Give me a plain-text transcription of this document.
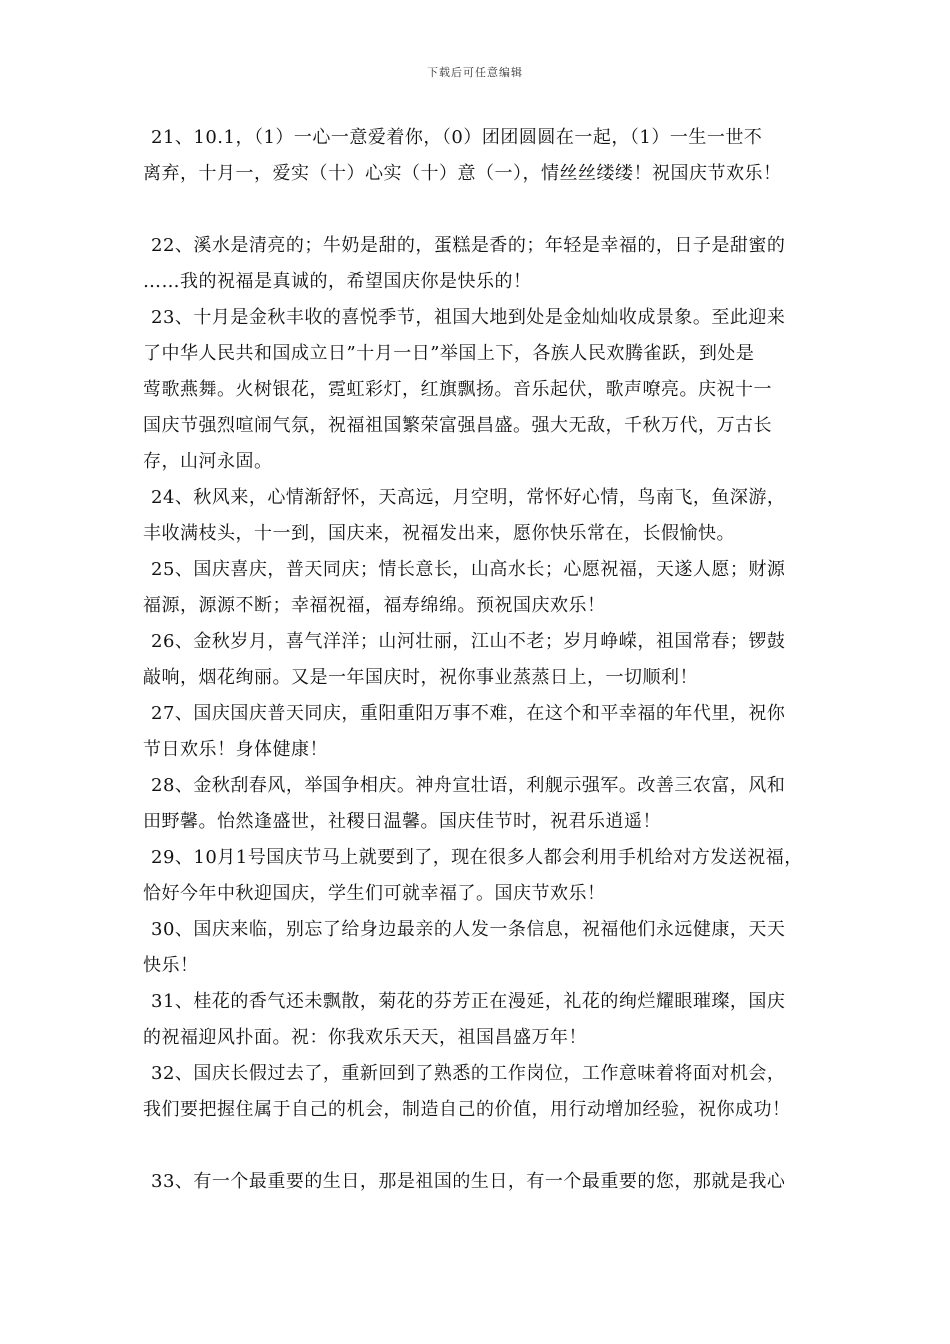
下载后可任意编辑
21、10.1，（1）一心一意爱着你，（0）团团圆圆在一起，（1）一生一世不
离弃，十月一，爱实（十）心实（十）意（一），情丝丝缕缕！祝国庆节欢乐！
22、溪水是清亮的；牛奶是甜的，蛋糕是香的；年轻是幸福的，日子是甜蜜的
……我的祝福是真诚的，希望国庆你是快乐的！
23、十月是金秋丰收的喜悦季节，祖国大地到处是金灿灿收成景象。至此迎来
了中华人民共和国成立日”十月一日”举国上下，各族人民欢腾雀跃，到处是
莺歌燕舞。火树银花，霓虹彩灯，红旗飘扬。音乐起伏，歌声嘹亮。庆祝十一
国庆节强烈喧闹气氛，祝福祖国繁荣富强昌盛。强大无敌，千秋万代，万古长
存，山河永固。
24、秋风来，心情渐舒怀，天高远，月空明，常怀好心情，鸟南飞，鱼深游，
丰收满枝头，十一到，国庆来，祝福发出来，愿你快乐常在，长假愉快。
25、国庆喜庆，普天同庆；情长意长，山高水长；心愿祝福，天遂人愿；财源
福源，源源不断；幸福祝福，福寿绵绵。预祝国庆欢乐！
26、金秋岁月，喜气洋洋；山河壮丽，江山不老；岁月峥嵘，祖国常春；锣鼓
敲响，烟花绚丽。又是一年国庆时，祝你事业蒸蒸日上，一切顺利！
27、国庆国庆普天同庆，重阳重阳万事不难，在这个和平幸福的年代里，祝你
节日欢乐！身体健康！
28、金秋刮春风，举国争相庆。神舟宣壮语，利舰示强军。改善三农富，风和
田野馨。怡然逢盛世，社稷日温馨。国庆佳节时，祝君乐逍遥！
29、10月1号国庆节马上就要到了，现在很多人都会利用手机给对方发送祝福，
恰好今年中秋迎国庆，学生们可就幸福了。国庆节欢乐！
30、国庆来临，别忘了给身边最亲的人发一条信息，祝福他们永远健康，天天
快乐！
31、桂花的香气还未飘散，菊花的芬芳正在漫延，礼花的绚烂耀眼璀璨，国庆
的祝福迎风扑面。祝：你我欢乐天天，祖国昌盛万年！
32、国庆长假过去了，重新回到了熟悉的工作岗位，工作意味着将面对机会，
我们要把握住属于自己的机会，制造自己的价值，用行动增加经验，祝你成功！
33、有一个最重要的生日，那是祖国的生日，有一个最重要的您，那就是我心
